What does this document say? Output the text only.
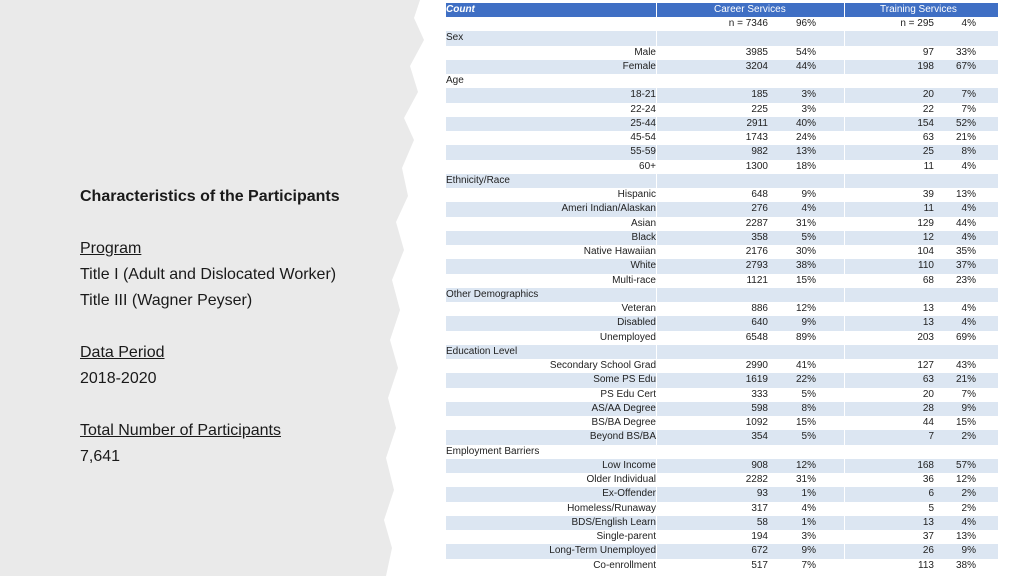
Characteristics of the Participants
Program
Title I (Adult and Dislocated Worker)
Title III (Wagner Peyser)
Data Period
2018-2020
Total Number of Participants
7,641
Count	Career Services	Training Services
n = 7346	96%	n = 295	4%
Sex
Male	3985	54%	97 33%
Female	3204	44%	198 67%
Age
18-21	185	3%	20	7%
22-24	225	3%	22	7%
25-44	2911	40%	154 52%
45-54	1743	24%	63 21%
55-59	982	13%	25	8%
60+	1300	18%	11	4%
Ethnicity/Race
Hispanic	648	9%	39 13%
Ameri Indian/Alaskan	276	4%	11	4%
Asian	2287	31%	129 44%
Black	358	5%	12	4%
Native Hawaiian	2176	30%	104 35%
White	2793	38%	110 37%
Multi-race	1121	15%	68 23%
Other Demographics
Veteran	886	12%	13	4%
Disabled	640	9%	13	4%
Unemployed	6548	89%	203 69%
Education Level
Secondary School Grad	2990	41%	127 43%
Some PS Edu	1619	22%	63 21%
PS Edu Cert	333	5%	20	7%
AS/AA Degree	598	8%	28	9%
BS/BA Degree	1092	15%	44 15%
Beyond BS/BA	354	5%	7	2%
Employment Barriers
Low Income	908	12%	168 57%
Older Individual	2282	31%	36 12%
Ex-Offender	93	1%	6	2%
Homeless/Runaway	317	4%	5	2%
BDS/English Learn	58	1%	13	4%
Single-parent	194	3%	37 13%
Long-Term Unemployed	672	9%	26	9%
Co-enrollment	517	7%	113 38%
